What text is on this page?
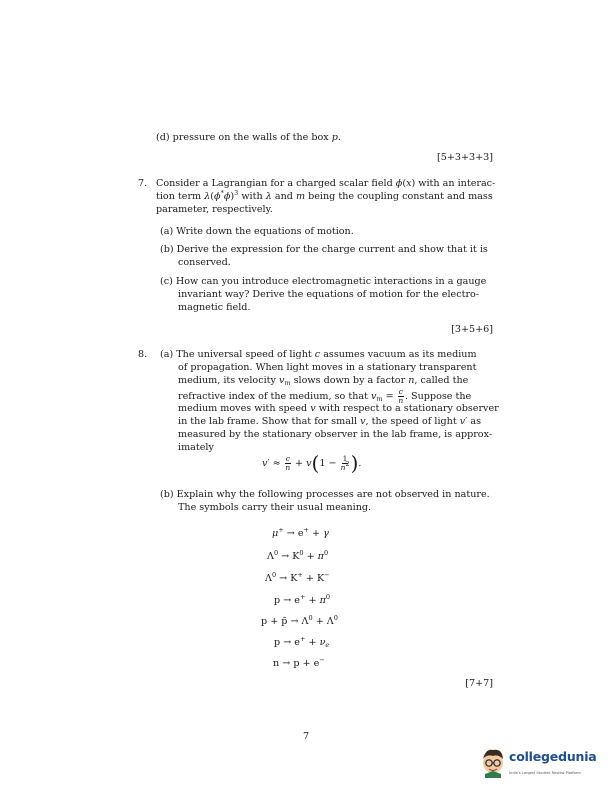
(d) pressure on the walls of the box p.
[5+3+3+3]
7. Consider a Lagrangian for a charged scalar field ϕ(x) with an interac-
tion term $\lambda(\phi^*\phi)^3$ with λ and m being the coupling constant and mass
parameter, respectively.
(a) Write down the equations of motion.
(b) Derive the expression for the charge current and show that it is
conserved.
(c) How can you introduce electromagnetic interactions in a gauge
invariant way? Derive the equations of motion for the electro-
magnetic field.
[3+5+6]
8. (a) The universal speed of light c assumes vacuum as its medium
of propagation. When light moves in a stationary transparent
medium, its velocity $v_m$ slows down by a factor n, called the
refractive index of the medium, so that $v_m = \frac{c}{n}$ . Suppose the
medium moves with speed v with respect to a stationary observer
in the lab frame. Show that for small v, the speed of light v′ as
measured by the stationary observer in the lab frame, is approx-
imately
$v' \approx \frac{c}{n} + v(1 - \frac{1}{n^2}$ ).
(b) Explain why the following processes are not observed in nature.
The symbols carry their usual meaning.
μ+ → e+ + γ
$\Lambda^0 \to K^0 + \pi^0$
$\Lambda^0 \to K^+ + K^-$
$p \to e^+ + \pi^0$
p + p̄ → $\Lambda^0 + \Lambda^0$
$p \to e^+ + \nu_e$
n → p + e−
[7+7]
7
collegedunia
India's Largest Student Review Platform
